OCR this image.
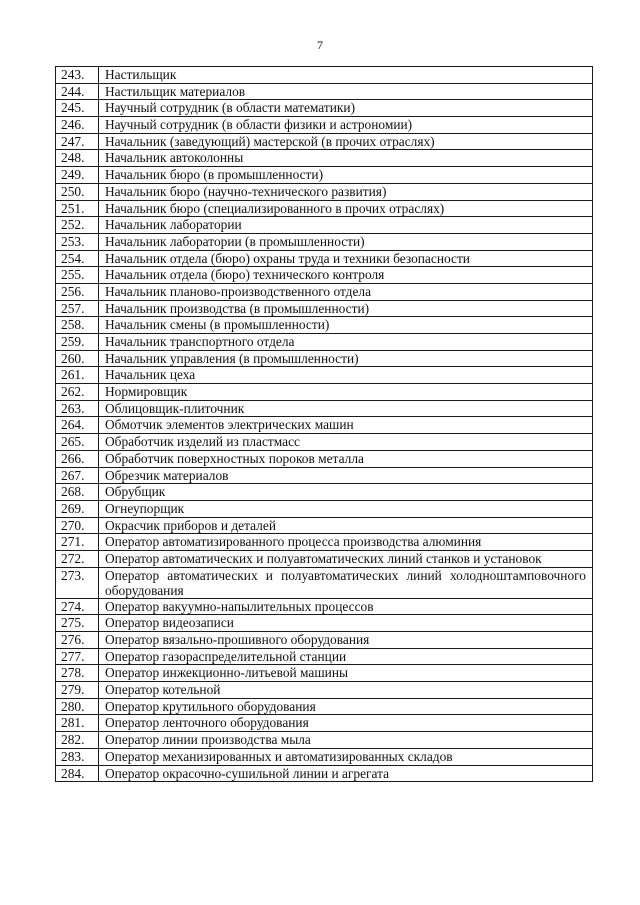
7
243.	Настильщик
244.	Настильщик материалов
245.	Научный сотрудник (в области математики)
246.	Научный сотрудник (в области физики и астрономии)
247.	Начальник (заведующий) мастерской (в прочих отраслях)
248.	Начальник автоколонны
249.	Начальник бюро (в промышленности)
250.	Начальник бюро (научно-технического развития)
251.	Начальник бюро (специализированного в прочих отраслях)
252.	Начальник лаборатории
253.	Начальник лаборатории (в промышленности)
254.	Начальник отдела (бюро) охраны труда и техники безопасности
255.	Начальник отдела (бюро) технического контроля
256.	Начальник планово-производственного отдела
257.	Начальник производства (в промышленности)
258.	Начальник смены (в промышленности)
259.	Начальник транспортного отдела
260.	Начальник управления (в промышленности)
261.	Начальник цеха
262.	Нормировщик
263.	Облицовщик-плиточник
264.	Обмотчик элементов электрических машин
265.	Обработчик изделий из пластмасс
266.	Обработчик поверхностных пороков металла
267.	Обрезчик материалов
268.	Обрубщик
269.	Огнеупорщик
270.	Окрасчик приборов и деталей
271.	Оператор автоматизированного процесса производства алюминия
272.	Оператор автоматических и полуавтоматических линий станков и установок
273.	Оператор автоматических и полуавтоматических линий холодноштамповочного оборудования
274.	Оператор вакуумно-напылительных процессов
275.	Оператор видеозаписи
276.	Оператор вязально-прошивного оборудования
277.	Оператор газораспределительной станции
278.	Оператор инжекционно-литьевой машины
279.	Оператор котельной
280.	Оператор крутильного оборудования
281.	Оператор ленточного оборудования
282.	Оператор линии производства мыла
283.	Оператор механизированных и автоматизированных складов
284.	Оператор окрасочно-сушильной линии и агрегата
